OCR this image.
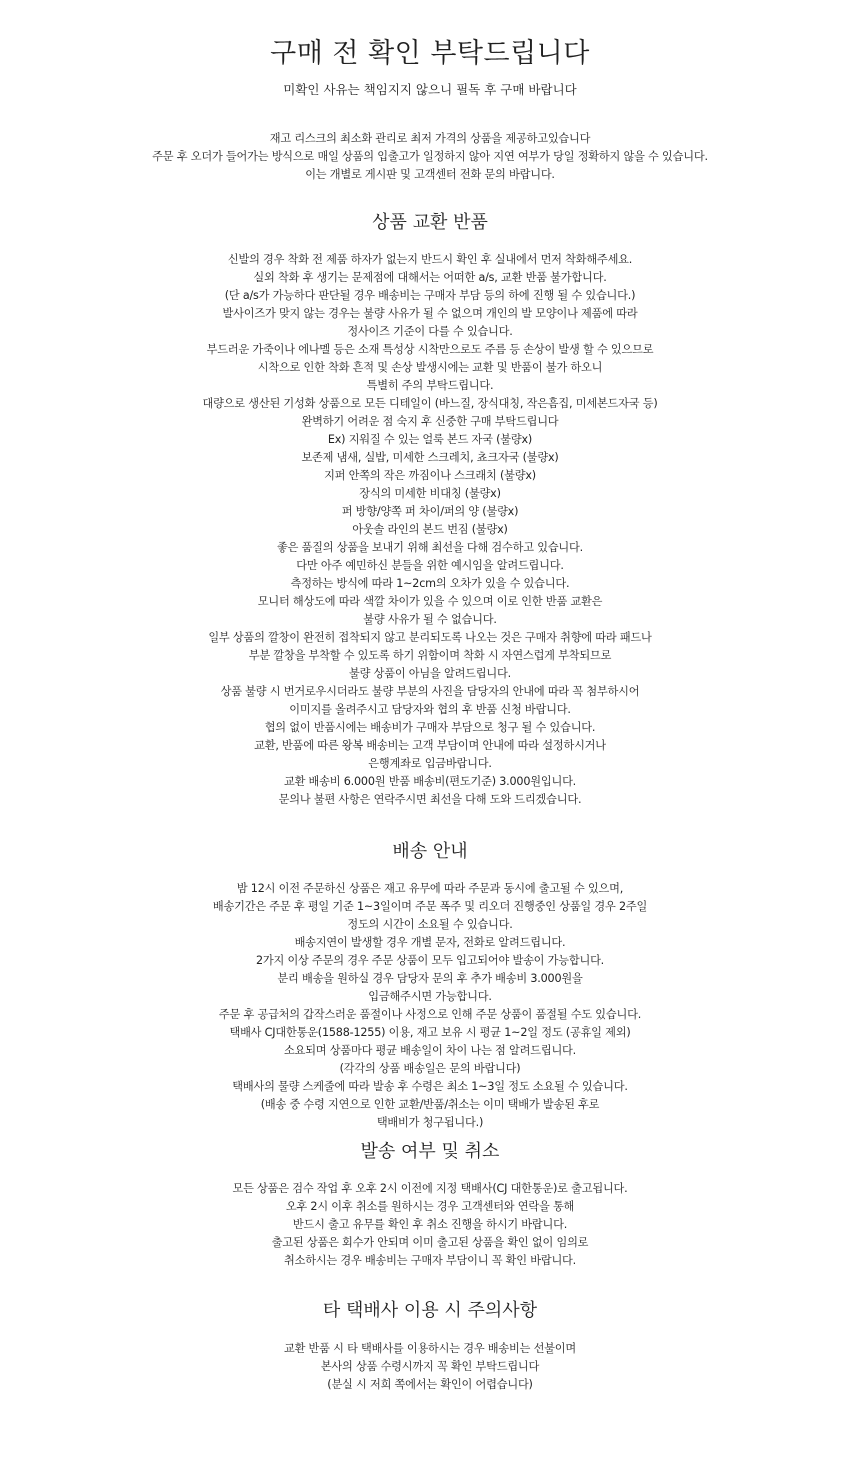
구매 전 확인 부탁드립니다

미확인 사유는 책임지지 않으니 필독 후 구매 바랍니다

재고 리스크의 최소화 관리로 최저 가격의 상품을 제공하고있습니다
주문 후 오더가 들어가는 방식으로 매일 상품의 입출고가 일정하지 않아 지연 여부가 당일 정확하지 않을 수 있습니다.
이는 개별로 게시판 및 고객센터 전화 문의 바랍니다.
상품 교환 반품
신발의 경우 착화 전 제품 하자가 없는지 반드시 확인 후 실내에서 먼저 착화해주세요.
실외 착화 후 생기는 문제점에 대해서는 어떠한 a/s, 교환 반품 불가합니다.
(단 a/s가 가능하다 판단될 경우 배송비는 구매자 부담 등의 하에 진행 될 수 있습니다.)
발사이즈가 맞지 않는 경우는 불량 사유가 될 수 없으며 개인의 발 모양이나 제품에 따라
정사이즈 기준이 다를 수 있습니다.
부드러운 가죽이나 에나멜 등은 소재 특성상 시착만으로도 주름 등 손상이 발생 할 수 있으므로
시착으로 인한 착화 흔적 및 손상 발생시에는 교환 및 반품이 불가 하오니
특별히 주의 부탁드립니다.
대량으로 생산된 기성화 상품으로 모든 디테일이 (바느질, 장식대칭, 작은흠집, 미세본드자국 등)
완벽하기 어려운 점 숙지 후 신중한 구매 부탁드립니다
Ex) 지워질 수 있는 얼룩 본드 자국 (불량x)
보존제 냄새, 실밥, 미세한 스크레치, 쵸크자국 (불량x)
지퍼 안쪽의 작은 까짐이나 스크래치 (불량x)
장식의 미세한 비대칭 (불량x)
퍼 방향/양쪽 퍼 차이/퍼의 양 (불량x)
아웃솔 라인의 본드 번짐 (불량x)
좋은 품질의 상품을 보내기 위해 최선을 다해 검수하고 있습니다.
다만 아주 예민하신 분들을 위한 예시임을 알려드립니다.
측정하는 방식에 따라 1~2cm의 오차가 있을 수 있습니다.
모니터 해상도에 따라 색깔 차이가 있을 수 있으며 이로 인한 반품 교환은
불량 사유가 될 수 없습니다.
일부 상품의 깔창이 완전히 접착되지 않고 분리되도록 나오는 것은 구매자 취향에 따라 패드나
부분 깔창을 부착할 수 있도록 하기 위함이며 착화 시 자연스럽게 부착되므로
불량 상품이 아님을 알려드립니다.
상품 불량 시 번거로우시더라도 불량 부분의 사진을 담당자의 안내에 따라 꼭 첨부하시어
이미지를 올려주시고 담당자와 협의 후 반품 신청 바랍니다.
협의 없이 반품시에는 배송비가 구매자 부담으로 청구 될 수 있습니다.
교환, 반품에 따른 왕복 배송비는 고객 부담이며 안내에 따라 설정하시거나
은행계좌로 입금바랍니다.
교환 배송비 6.000원 반품 배송비(편도기준) 3.000원입니다.
문의나 불편 사항은 연락주시면 최선을 다해 도와 드리겠습니다.
배송 안내
밤 12시 이전 주문하신 상품은 재고 유무에 따라 주문과 동시에 출고될 수 있으며,
배송기간은 주문 후 평일 기준 1~3일이며 주문 폭주 및 리오더 진행중인 상품일 경우 2주일
정도의 시간이 소요될 수 있습니다.
배송지연이 발생할 경우 개별 문자, 전화로 알려드립니다.
2가지 이상 주문의 경우 주문 상품이 모두 입고되어야 발송이 가능합니다.
분리 배송을 원하실 경우 담당자 문의 후 추가 배송비 3.000원을
입금해주시면 가능합니다.
주문 후 공급처의 갑작스러운 품절이나 사정으로 인해 주문 상품이 품절될 수도 있습니다.
택배사 CJ대한통운(1588-1255) 이용, 재고 보유 시 평균 1~2일 정도 (공휴일 제외)
소요되며 상품마다 평균 배송일이 차이 나는 점 알려드립니다.
(각각의 상품 배송일은 문의 바랍니다)
택배사의 물량 스케줄에 따라 발송 후 수령은 최소 1~3일 정도 소요될 수 있습니다.
(배송 중 수령 지연으로 인한 교환/반품/취소는 이미 택배가 발송된 후로
택배비가 청구됩니다.)
발송 여부 및 취소
모든 상품은 검수 작업 후 오후 2시 이전에 지정 택배사(CJ 대한통운)로 출고됩니다.
오후 2시 이후 취소를 원하시는 경우 고객센터와 연락을 통해
반드시 출고 유무를 확인 후 취소 진행을 하시기 바랍니다.
출고된 상품은 회수가 안되며 이미 출고된 상품을 확인 없이 임의로
취소하시는 경우 배송비는 구매자 부담이니 꼭 확인 바랍니다.
타 택배사 이용 시 주의사항
교환 반품 시 타 택배사를 이용하시는 경우 배송비는 선불이며
본사의 상품 수령시까지 꼭 확인 부탁드립니다
(분실 시 저희 쪽에서는 확인이 어렵습니다)
